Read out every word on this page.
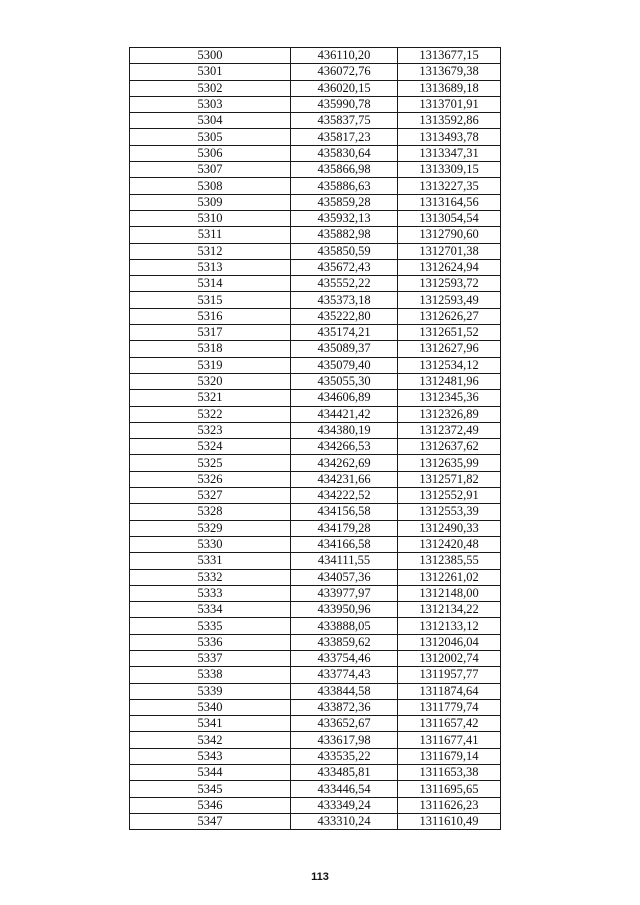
5300	436110,20	1313677,15
5301	436072,76	1313679,38
5302	436020,15	1313689,18
5303	435990,78	1313701,91
5304	435837,75	1313592,86
5305	435817,23	1313493,78
5306	435830,64	1313347,31
5307	435866,98	1313309,15
5308	435886,63	1313227,35
5309	435859,28	1313164,56
5310	435932,13	1313054,54
5311	435882,98	1312790,60
5312	435850,59	1312701,38
5313	435672,43	1312624,94
5314	435552,22	1312593,72
5315	435373,18	1312593,49
5316	435222,80	1312626,27
5317	435174,21	1312651,52
5318	435089,37	1312627,96
5319	435079,40	1312534,12
5320	435055,30	1312481,96
5321	434606,89	1312345,36
5322	434421,42	1312326,89
5323	434380,19	1312372,49
5324	434266,53	1312637,62
5325	434262,69	1312635,99
5326	434231,66	1312571,82
5327	434222,52	1312552,91
5328	434156,58	1312553,39
5329	434179,28	1312490,33
5330	434166,58	1312420,48
5331	434111,55	1312385,55
5332	434057,36	1312261,02
5333	433977,97	1312148,00
5334	433950,96	1312134,22
5335	433888,05	1312133,12
5336	433859,62	1312046,04
5337	433754,46	1312002,74
5338	433774,43	1311957,77
5339	433844,58	1311874,64
5340	433872,36	1311779,74
5341	433652,67	1311657,42
5342	433617,98	1311677,41
5343	433535,22	1311679,14
5344	433485,81	1311653,38
5345	433446,54	1311695,65
5346	433349,24	1311626,23
5347	433310,24	1311610,49
113
